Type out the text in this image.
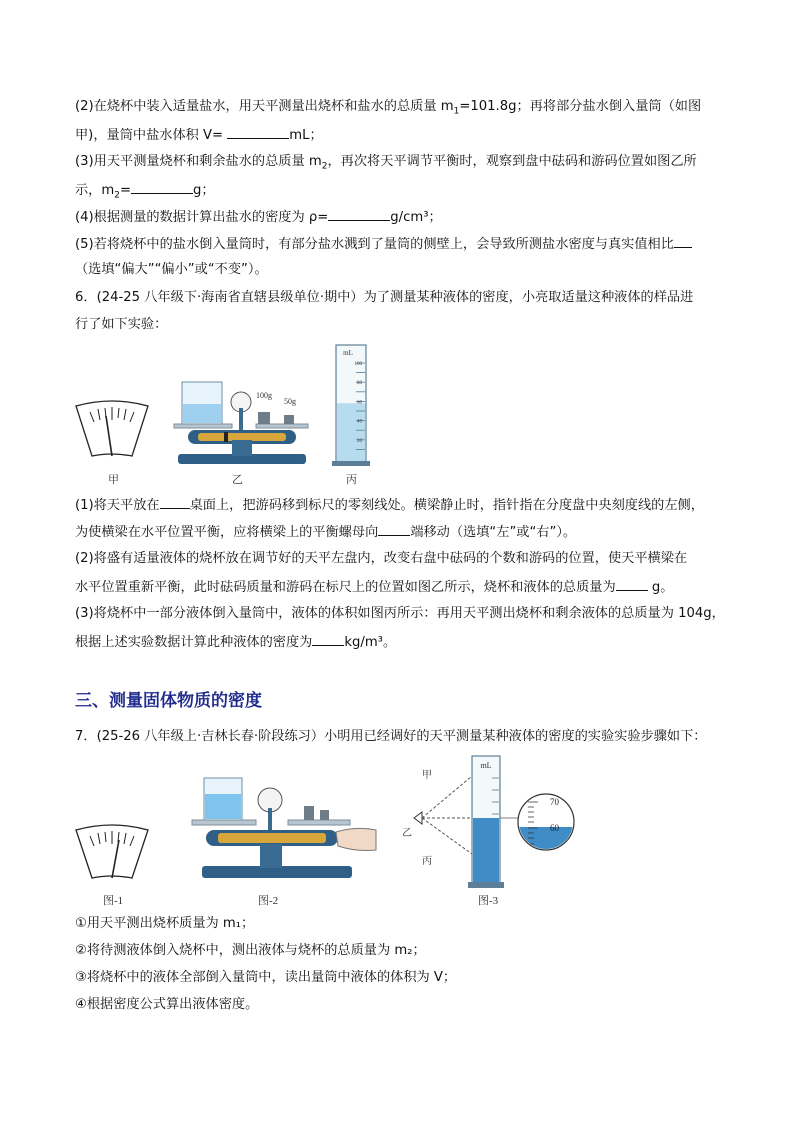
(2)在烧杯中装入适量盐水，用天平测量出烧杯和盐水的总质量 $m_1=101.8g$；再将部分盐水倒入量筒（如图
甲)，量筒中盐水体积 V=	mL；
(3)用天平测量烧杯和剩余盐水的总质量 $m_2$，再次将天平调节平衡时，观察到盘中砝码和游码位置如图乙所
示，$m_2=$	g；
(4)根据测量的数据计算出盐水的密度为 ρ=	g/cm³；
(5)若将烧杯中的盐水倒入量筒时，有部分盐水溅到了量筒的侧壁上，会导致所测盐水密度与真实值相比
（选填“偏大”“偏小”或“不变”）。
6．(24-25 八年级下·海南省直辖县级单位·期中）为了测量某种液体的密度，小亮取适量这种液体的样品进
行了如下实验：
100g
50g
mL
100
80
60
40
20
甲	乙	丙
(1)将天平放在 桌面上，把游码移到标尺的零刻线处。横梁静止时，指针指在分度盘中央刻度线的左侧，
为使横梁在水平位置平衡，应将横梁上的平衡螺母向 端移动（选填“左”或“右”）。
(2)将盛有适量液体的烧杯放在调节好的天平左盘内，改变右盘中砝码的个数和游码的位置，使天平横梁在
水平位置重新平衡，此时砝码质量和游码在标尺上的位置如图乙所示，烧杯和液体的总质量为 g。
(3)将烧杯中一部分液体倒入量筒中，液体的体积如图丙所示：再用天平测出烧杯和剩余液体的总质量为 104g，
根据上述实验数据计算此种液体的密度为 kg/m³。
三、测量固体物质的密度
7．(25-26 八年级上·吉林长春·阶段练习）小明用已经调好的天平测量某种液体的密度的实验实验步骤如下：
甲
乙
丙
mL
70
60
图-1	图-2	图-3
①用天平测出烧杯质量为 m₁；
②将待测液体倒入烧杯中，测出液体与烧杯的总质量为 m₂；
③将烧杯中的液体全部倒入量筒中，读出量筒中液体的体积为 V；
④根据密度公式算出液体密度。
